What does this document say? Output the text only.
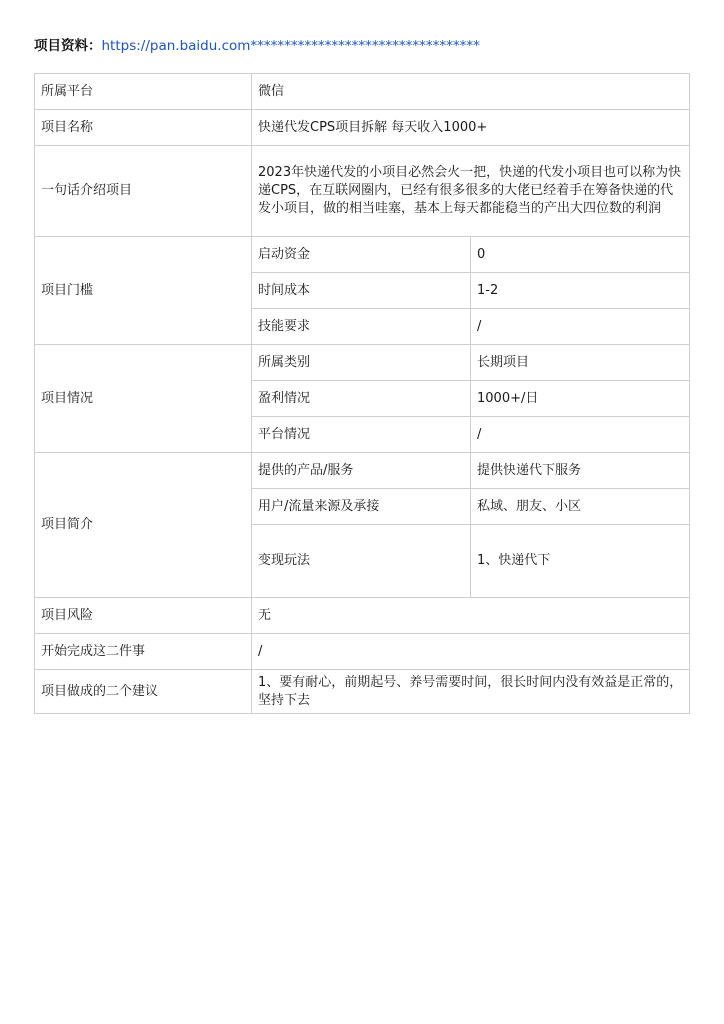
项目资料：https://pan.baidu.com**********************************
所属平台	微信	
项目名称	快递代发CPS项目拆解 每天收入1000+	
一句话介绍项目	2023年快递代发的小项目必然会火一把，快递的代发小项目也可以称为快递CPS，在互联网圈内，已经有很多很多的大佬已经着手在筹备快递的代发小项目，做的相当哇塞，基本上每天都能稳当的产出大四位数的利润	
项目门槛	启动资金	0
	时间成本	1-2
	技能要求	/
项目情况	所属类别	长期项目
	盈利情况	1000+/日
	平台情况	/
项目简介	提供的产品/服务	提供快递代下服务
	用户/流量来源及承接	私域、朋友、小区
	变现玩法	1、快递代下
项目风险	无	
开始完成这二件事	/	
项目做成的二个建议	1、要有耐心，前期起号、养号需要时间，很长时间内没有效益是正常的，坚持下去	
